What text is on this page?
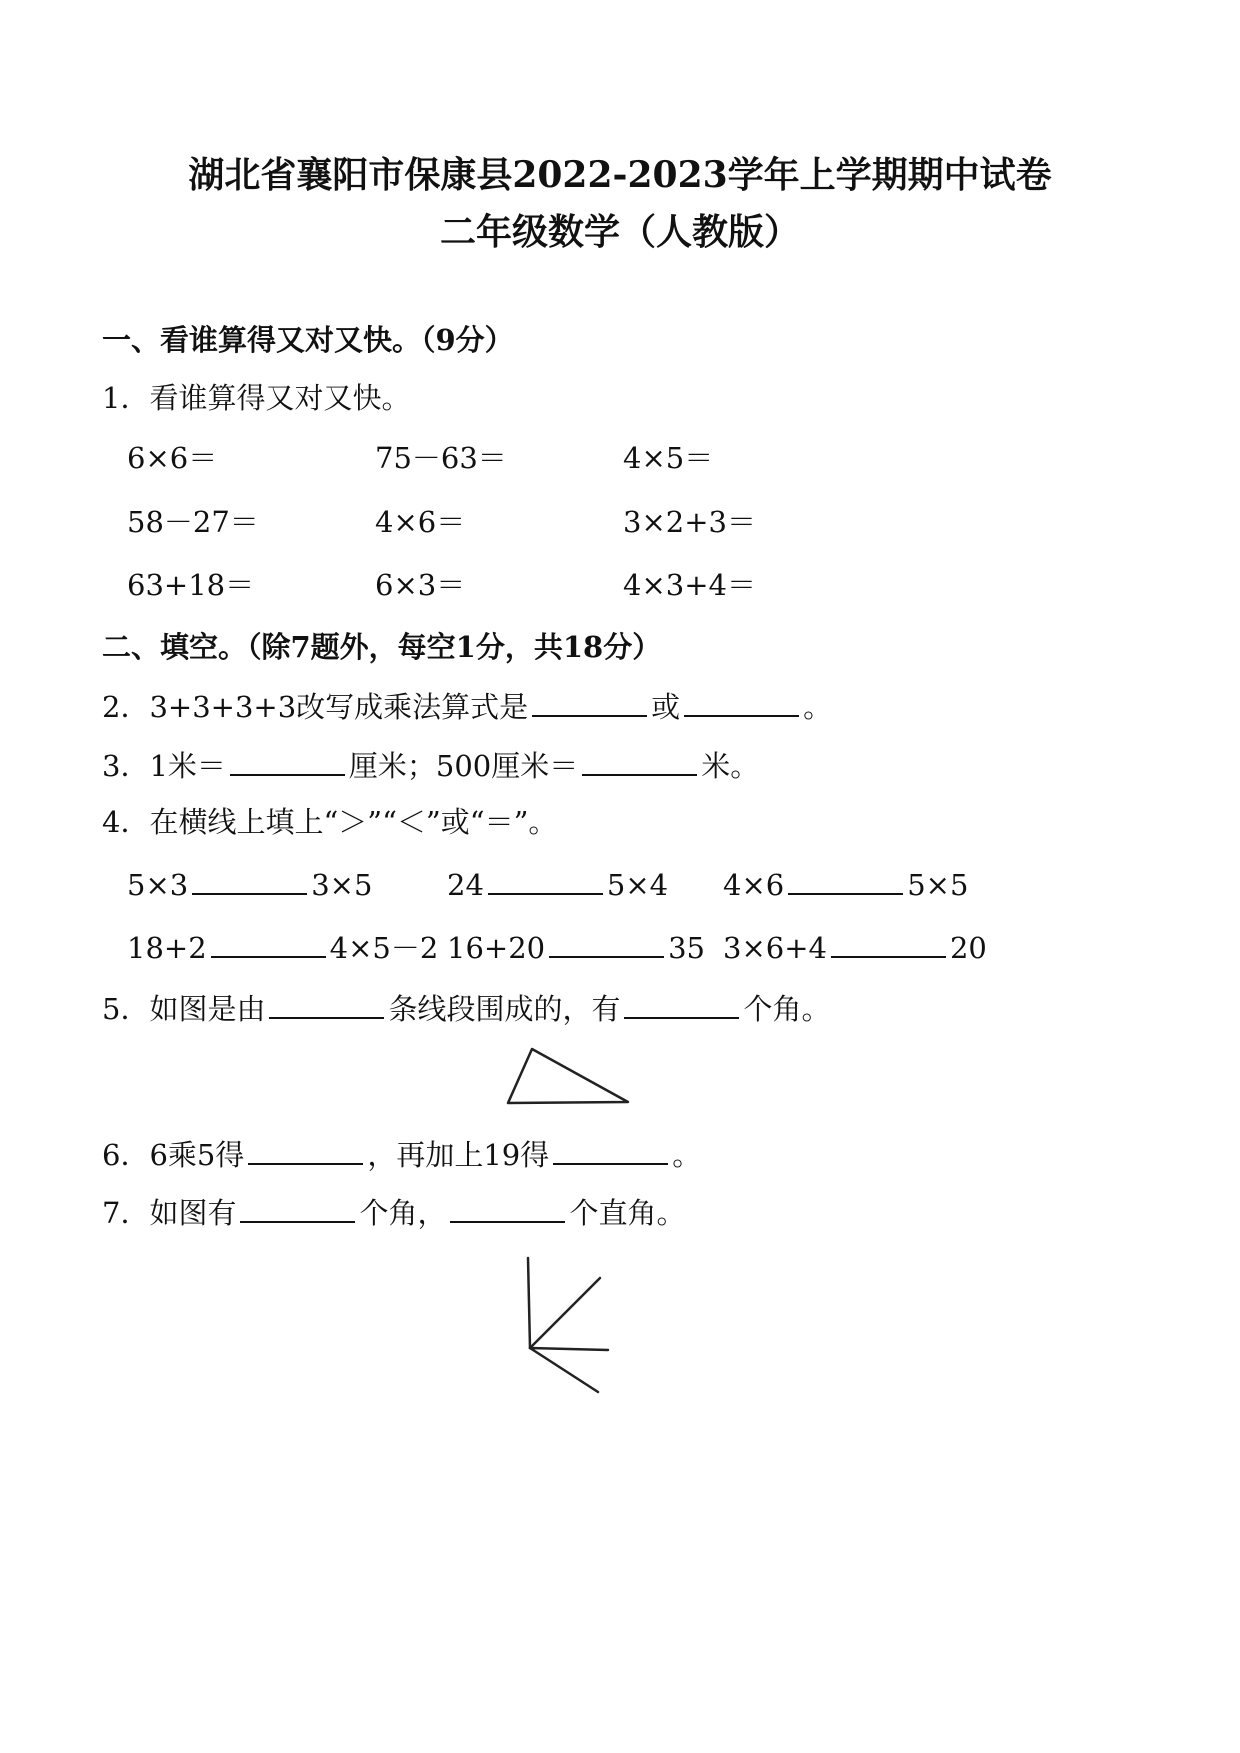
湖北省襄阳市保康县2022-2023学年上学期期中试卷
二年级数学（人教版）
一、看谁算得又对又快。（9分）
1．看谁算得又对又快。
6×6＝	75－63＝	4×5＝
58－27＝	4×6＝	3×2+3＝
63+18＝	6×3＝	4×3+4＝
二、填空。（除7题外，每空1分，共18分）
2．3+3+3+3改写成乘法算式是	或	。
3．1米＝	厘米；500厘米＝	米。
4．在横线上填上“＞”“＜”或“＝”。
5×3	3×5	24	5×4 4×6	5×5
18+2	4×5－2 16+20	35 3×6+4	20
5．如图是由	条线段围成的，有	个角。
6．6乘5得	，再加上19得	。
7．如图有	个角，	个直角。
